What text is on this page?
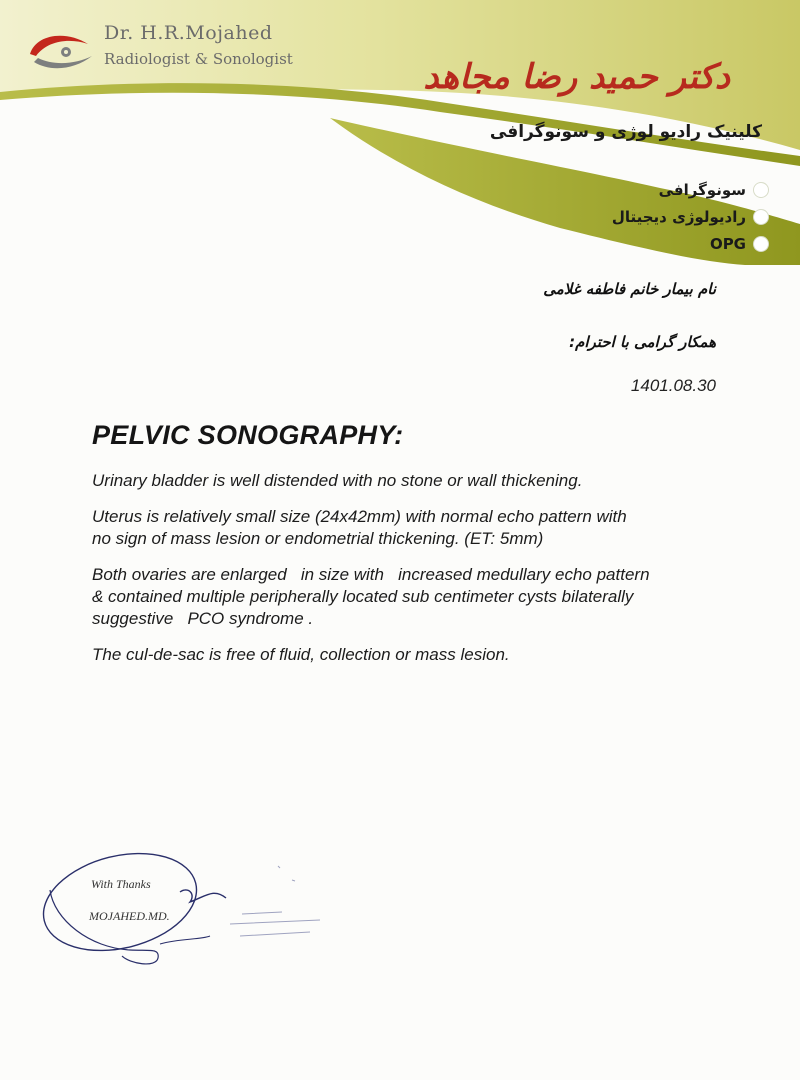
Dr. H.R.Mojahed
Radiologist & Sonologist	دکتر حمید رضا مجاهد
کلینیک رادیو لوژی و سونوگرافی
سونوگرافی
رادیولوژی دیجیتال
OPG
نام بیمار خانم فاطفه غلامی
همکار گرامی با احترام:
1401.08.30
PELVIC SONOGRAPHY:

Urinary bladder is well distended with no stone or wall thickening.

Uterus is relatively small size (24x42mm) with normal echo pattern with
no sign of mass lesion or endometrial thickening. (ET: 5mm)

Both ovaries are enlarged   in size with   increased medullary echo pattern
& contained multiple peripherally located sub centimeter cysts bilaterally
suggestive   PCO syndrome .

The cul-de-sac is free of fluid, collection or mass lesion.

With Thanks
MOJAHED.MD.
